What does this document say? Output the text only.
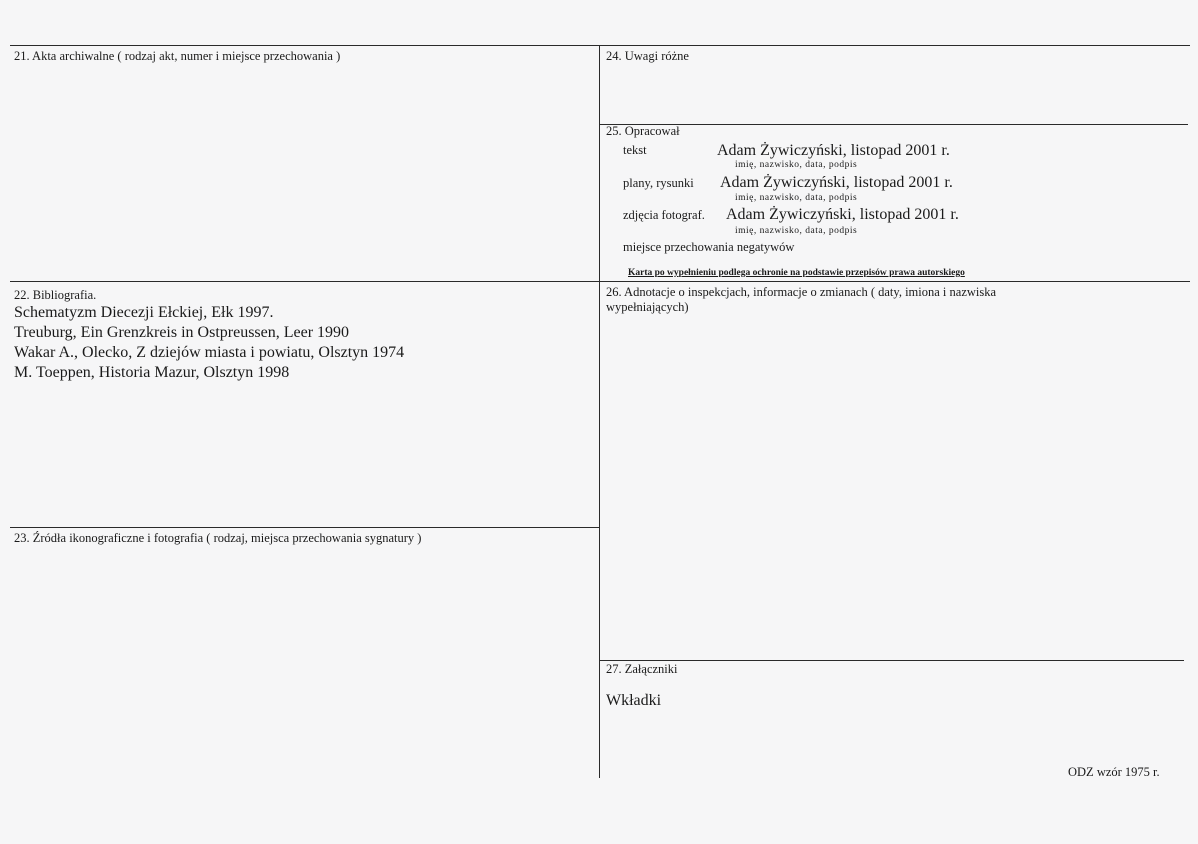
21. Akta archiwalne ( rodzaj akt, numer i miejsce przechowania )
22. Bibliografia.
Schematyzm Diecezji Ełckiej, Ełk 1997.
Treuburg, Ein Grenzkreis in Ostpreussen, Leer 1990
Wakar A., Olecko, Z dziejów miasta i powiatu, Olsztyn 1974
M. Toeppen, Historia Mazur, Olsztyn 1998
23. Źródła ikonograficzne i fotografia ( rodzaj, miejsca przechowania sygnatury )
24. Uwagi różne
25. Opracował
tekst	Adam Żywiczyński, listopad 2001 r.
imię, nazwisko, data, podpis
plany, rysunki Adam Żywiczyński, listopad 2001 r.
imię, nazwisko, data, podpis
zdjęcia fotograf. Adam Żywiczyński, listopad 2001 r.
imię, nazwisko, data, podpis
miejsce przechowania negatywów
Karta po wypełnieniu podlega ochronie na podstawie przepisów prawa autorskiego
26. Adnotacje o inspekcjach, informacje o zmianach ( daty, imiona i nazwiska
wypełniających)
27. Załączniki
Wkładki
ODZ wzór 1975 r.
